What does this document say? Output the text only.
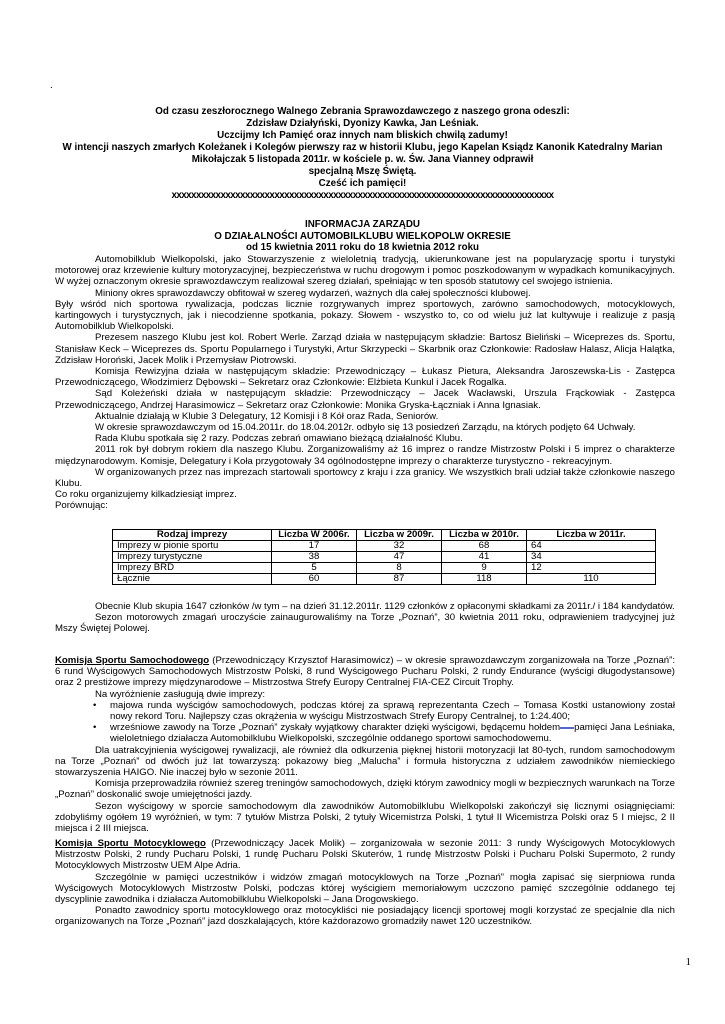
.
Od czasu zeszłorocznego Walnego Zebrania Sprawozdawczego z naszego grona odeszli:
Zdzisław Działyński, Dyonizy Kawka, Jan Leśniak.
Uczcijmy Ich Pamięć oraz innych nam bliskich chwilą zadumy!
W intencji naszych zmarłych Koleżanek i Kolegów pierwszy raz w historii Klubu, jego Kapelan Ksiądz Kanonik Katedralny Marian
Mikołajczak 5 listopada 2011r. w kościele p. w. Św. Jana Vianney odprawił
specjalną Mszę Świętą.
Cześć ich pamięci!
xxxxxxxxxxxxxxxxxxxxxxxxxxxxxxxxxxxxxxxxxxxxxxxxxxxxxxxxxxxxxxxxxxxxxxxxxxxxxx
INFORMACJA ZARZĄDU
O DZIAŁALNOŚCI AUTOMOBILKLUBU WIELKOPOLW OKRESIE
od 15 kwietnia 2011 roku do 18 kwietnia 2012 roku

Automobilklub Wielkopolski, jako Stowarzyszenie z wieloletnią tradycją, ukierunkowane jest na popularyzację sportu i turystyki motorowej oraz krzewienie kultury motoryzacyjnej, bezpieczeństwa w ruchu drogowym i pomoc poszkodowanym w wypadkach komunikacyjnych. W wyżej oznaczonym okresie sprawozdawczym realizował szereg działań, spełniając w ten sposób statutowy cel swojego istnienia.

Miniony okres sprawozdawczy obfitował w szereg wydarzeń, ważnych dla całej społeczności klubowej.

Były wśród nich sportowa rywalizacja, podczas licznie rozgrywanych imprez sportowych, zarówno samochodowych, motocyklowych, kartingowych i turystycznych, jak i niecodzienne spotkania, pokazy. Słowem - wszystko to, co od wielu już lat kultywuje i realizuje z pasją Automobilklub Wielkopolski.

Prezesem naszego Klubu jest kol. Robert Werle. Zarząd działa w następującym składzie: Bartosz Bieliński – Wiceprezes ds. Sportu, Stanisław Keck – Wiceprezes ds. Sportu Popularnego i Turystyki, Artur Skrzypecki – Skarbnik oraz Członkowie: Radosław Halasz, Alicja Halątka, Zdzisław Horoński, Jacek Molik i Przemysław Piotrowski.

Komisja Rewizyjna działa w następującym składzie: Przewodniczący – Łukasz Pietura, Aleksandra Jaroszewska-Lis - Zastępca Przewodniczącego, Włodzimierz Dębowski – Sekretarz oraz Członkowie: Elżbieta Kunkul i Jacek Rogalka.

Sąd Koleżeński działa w następującym składzie: Przewodniczący – Jacek Wacławski, Urszula Frąckowiak - Zastępca Przewodniczącego, Andrzej Harasimowicz – Sekretarz oraz Członkowie: Monika Gryska-Łączniak i Anna Ignasiak.

Aktualnie działają w Klubie 3 Delegatury, 12 Komisji i 8 Kół oraz Rada, Seniorów.

W okresie sprawozdawczym od 15.04.2011r. do 18.04.2012r. odbyło się 13 posiedzeń Zarządu, na których podjęto 64 Uchwały.

Rada Klubu spotkała się 2 razy. Podczas zebrań omawiano bieżącą działalność Klubu.

2011 rok był dobrym rokiem dla naszego Klubu. Zorganizowaliśmy aż 16 imprez o randze Mistrzostw Polski i 5 imprez o charakterze międzynarodowym. Komisje, Delegatury i Koła przygotowały 34 ogólnodostępne imprezy o charakterze turystyczno - rekreacyjnym.

W organizowanych przez nas imprezach startowali sportowcy z kraju i zza granicy. We wszystkich brali udział także członkowie naszego Klubu.

Co roku organizujemy kilkadziesiąt imprez.

Porównując:

Rodzaj imprezy	Liczba W 2006r.	Liczba w 2009r.	Liczba w 2010r.	Liczba w 2011r.
Imprezy w pionie sportu	17	32	68	64
Imprezy turystyczne	38	47	41	34
Imprezy BRD	5	8	9	12
Łącznie	60	87	118	110

Obecnie Klub skupia 1647 członków /w tym – na dzień 31.12.2011r. 1129 członków z opłaconymi składkami za 2011r./ i 184 kandydatów.

Sezon motorowych zmagań uroczyście zainaugurowaliśmy na Torze „Poznań”, 30 kwietnia 2011 roku, odprawieniem tradycyjnej już Mszy Świętej Polowej.

Komisja Sportu Samochodowego (Przewodniczący Krzysztof Harasimowicz) – w okresie sprawozdawczym zorganizowała na Torze „Poznań”: 6 rund Wyścigowych Samochodowych Mistrzostw Polski, 8 rund Wyścigowego Pucharu Polski, 2 rundy Endurance (wyścigi długodystansowe) oraz 2 prestiżowe imprezy międzynarodowe – Mistrzostwa Strefy Europy Centralnej FIA-CEZ Circuit Trophy.

Na wyróżnienie zasługują dwie imprezy:

• majowa runda wyścigów samochodowych, podczas której za sprawą reprezentanta Czech – Tomasa Kostki ustanowiony został nowy rekord Toru. Najlepszy czas okrążenia w wyścigu Mistrzostwach Strefy Europy Centralnej, to 1:24.400;
• wrześniowe zawody na Torze „Poznań” zyskały wyjątkowy charakter dzięki wyścigowi, będącemu hołdem pamięci Jana Leśniaka, wieloletniego działacza Automobilklubu Wielkopolski, szczególnie oddanego sportowi samochodowemu.

Dla uatrakcyjnienia wyścigowej rywalizacji, ale również dla odkurzenia pięknej historii motoryzacji lat 80-tych, rundom samochodowym na Torze „Poznań” od dwóch już lat towarzyszą: pokazowy bieg „Malucha” i formuła historyczna z udziałem zawodników niemieckiego stowarzyszenia HAIGO. Nie inaczej było w sezonie 2011.

Komisja przeprowadziła również szereg treningów samochodowych, dzięki którym zawodnicy mogli w bezpiecznych warunkach na Torze „Poznań” doskonalić swoje umiejętności jazdy.

Sezon wyścigowy w sporcie samochodowym dla zawodników Automobilklubu Wielkopolski zakończył się licznymi osiągnięciami: zdobyliśmy ogółem 19 wyróżnień, w tym: 7 tytułów Mistrza Polski, 2 tytuły Wicemistrza Polski, 1 tytuł II Wicemistrza Polski oraz 5 I miejsc, 2 II miejsca i 2 III miejsca.

Komisja Sportu Motocyklowego (Przewodniczący Jacek Molik) – zorganizowała w sezonie 2011: 3 rundy Wyścigowych Motocyklowych Mistrzostw Polski, 2 rundy Pucharu Polski, 1 rundę Pucharu Polski Skuterów, 1 rundę Mistrzostw Polski i Pucharu Polski Supermoto, 2 rundy Motocyklowych Mistrzostw UEM Alpe Adria.

Szczególnie w pamięci uczestników i widzów zmagań motocyklowych na Torze „Poznań” mogła zapisać się sierpniowa runda Wyścigowych Motocyklowych Mistrzostw Polski, podczas której wyścigiem memoriałowym uczczono pamięć szczególnie oddanego tej dyscyplinie zawodnika i działacza Automobilklubu Wielkopolski – Jana Drogowskiego.

Ponadto zawodnicy sportu motocyklowego oraz motocykliści nie posiadający licencji sportowej mogli korzystać ze specjalnie dla nich organizowanych na Torze „Poznań” jazd doszkalających, które każdorazowo gromadziły nawet 120 uczestników.

1
